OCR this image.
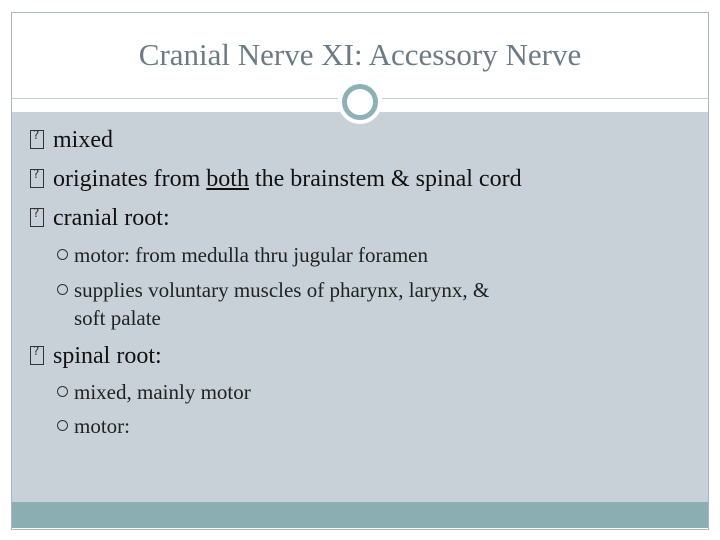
Cranial Nerve XI: Accessory Nerve
?mixed
?originates from both the brainstem & spinal cord
?cranial root:
motor: from medulla thru jugular foramen
supplies voluntary muscles of pharynx, larynx, &
soft palate
?spinal root:
mixed, mainly motor
motor:
